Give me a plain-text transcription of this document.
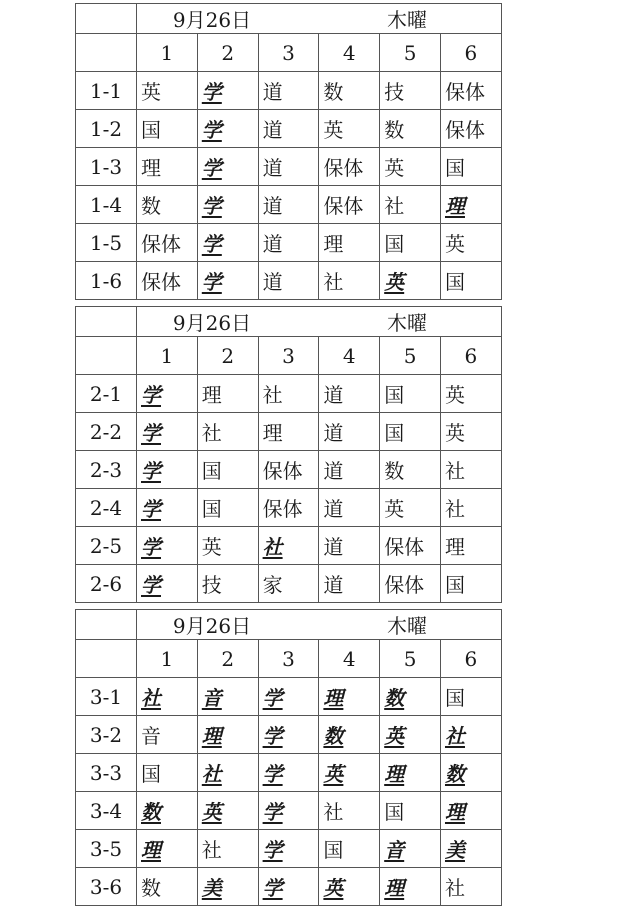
	9月26日 木曜					
	1	2	3	4	5	6
1-1	英	学	道	数	技	保体
1-2	国	学	道	英	数	保体
1-3	理	学	道	保体	英	国
1-4	数	学	道	保体	社	理
1-5	保体	学	道	理	国	英
1-6	保体	学	道	社	英	国
	9月26日 木曜					
	1	2	3	4	5	6
2-1	学	理	社	道	国	英
2-2	学	社	理	道	国	英
2-3	学	国	保体	道	数	社
2-4	学	国	保体	道	英	社
2-5	学	英	社	道	保体	理
2-6	学	技	家	道	保体	国
	9月26日 木曜					
	1	2	3	4	5	6
3-1	社	音	学	理	数	国
3-2	音	理	学	数	英	社
3-3	国	社	学	英	理	数
3-4	数	英	学	社	国	理
3-5	理	社	学	国	音	美
3-6	数	美	学	英	理	社
